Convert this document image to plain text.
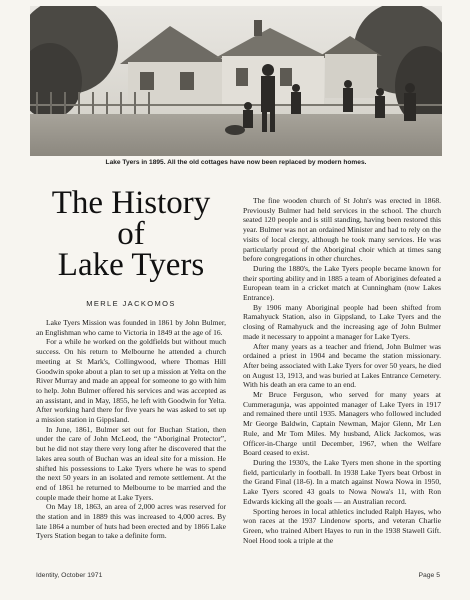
Lake Tyers in 1895. All the old cottages have now been replaced by modern homes.
The History
of
Lake Tyers
MERLE JACKOMOS

Lake Tyers Mission was founded in 1861 by John Bulmer, an Englishman who came to Victoria in 1849 at the age of 16.

For a while he worked on the goldfields but without much success. On his return to Melbourne he attended a church meeting at St Mark's, Collingwood, where Thomas Hill Goodwin spoke about a plan to set up a mission at Yelta on the River Murray and made an appeal for someone to go with him to help. John Bulmer offered his services and was accepted as an assistant, and in May, 1855, he left with Goodwin for Yelta. After working hard there for five years he was asked to set up a mission station in Gippsland.

In June, 1861, Bulmer set out for Buchan Station, then under the care of John McLeod, the “Aboriginal Protector”, but he did not stay there very long after he discovered that the lakes area south of Buchan was an ideal site for a mission. He shifted his possessions to Lake Tyers where he was to spend the next 50 years in an isolated and remote settlement. At the end of 1861 he returned to Melbourne to be married and the couple made their home at Lake Tyers.

On May 18, 1863, an area of 2,000 acres was reserved for the station and in 1889 this was increased to 4,000 acres. By late 1864 a number of huts had been erected and by 1866 Lake Tyers Station began to take a definite form.

The fine wooden church of St John's was erected in 1868. Previously Bulmer had held services in the school. The church seated 120 people and is still standing, having been restored this year. Bulmer was not an ordained Minister and had to rely on the visits of local clergy, although he took many services. He was particularly proud of the Aboriginal choir which at times sang before congregations in other churches.

During the 1880's, the Lake Tyers people became known for their sporting ability and in 1885 a team of Aborigines defeated a European team in a cricket match at Cunningham (now Lakes Entrance).

By 1906 many Aboriginal people had been shifted from Ramahyuck Station, also in Gippsland, to Lake Tyers and the closing of Ramahyuck and the increasing age of John Bulmer made it necessary to appoint a manager for Lake Tyers.

After many years as a teacher and friend, John Bulmer was ordained a priest in 1904 and became the station missionary. After being associated with Lake Tyers for over 50 years, he died on August 13, 1913, and was buried at Lakes Entrance Cemetery. With his death an era came to an end.

Mr Bruce Ferguson, who served for many years at Cummeragunja, was appointed manager of Lake Tyers in 1917 and remained there until 1935. Managers who followed included Mr George Baldwin, Captain Newman, Major Glenn, Mr Len Rule, and Mr Tom Miles. My husband, Alick Jackomos, was Officer-in-Charge until December, 1967, when the Welfare Board ceased to exist.

During the 1930's, the Lake Tyers men shone in the sporting field, particularly in football. In 1938 Lake Tyers beat Orbost in the Grand Final (18-6). In a match against Nowa Nowa in 1950, Lake Tyers scored 43 goals to Nowa Nowa's 11, with Ron Edwards kicking all the goals — an Australian record.

Sporting heroes in local athletics included Ralph Hayes, who won races at the 1937 Lindenow sports, and veteran Charlie Green, who trained Albert Hayes to run in the 1938 Stawell Gift. Noel Hood took a triple at the

Identity, October 1971	Page 5
